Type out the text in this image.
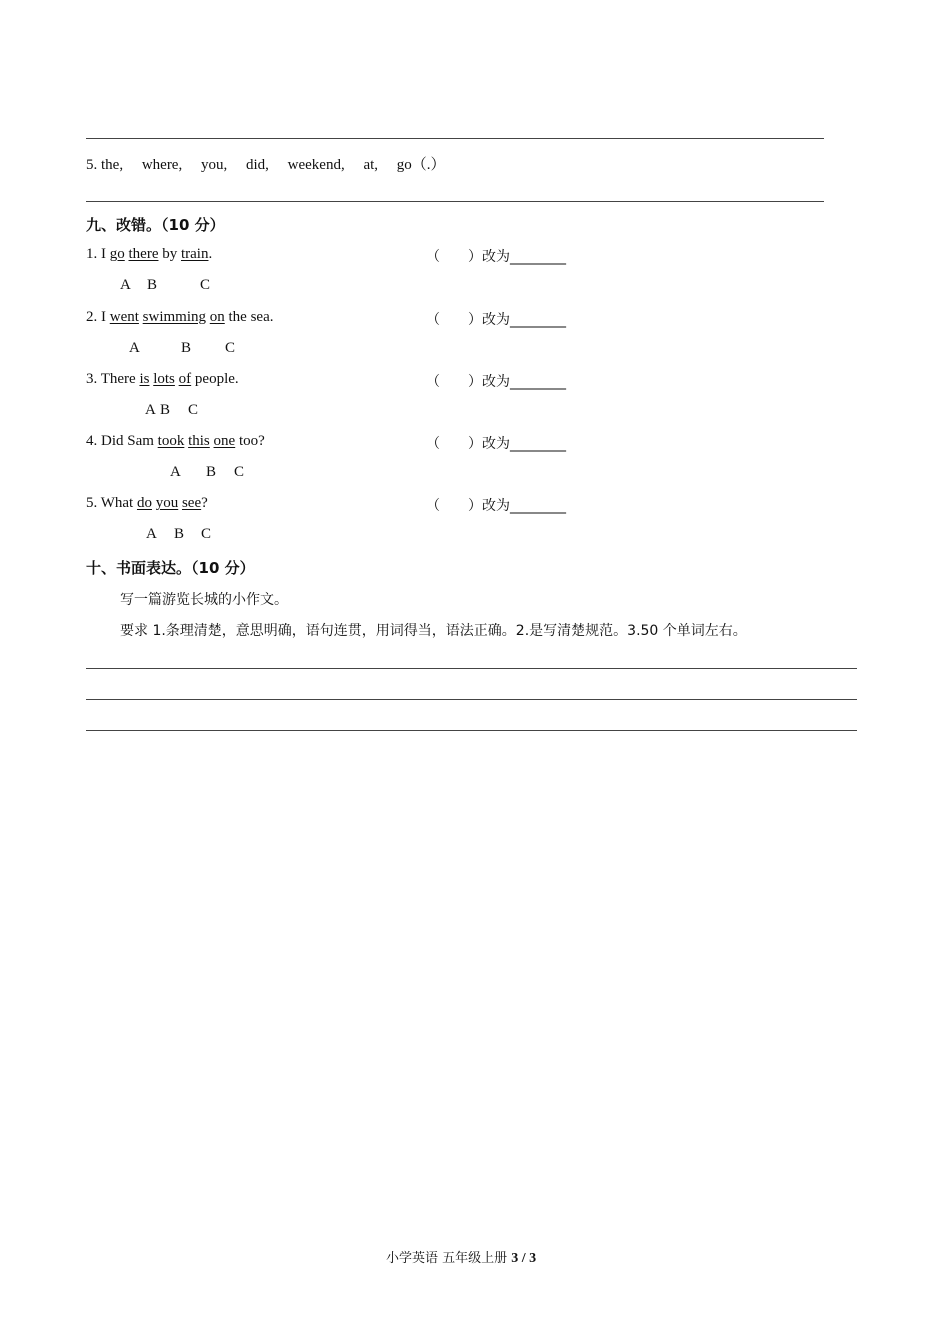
5. the,　 where,　 you,　 did,　 weekend,　 at,　 go（.）
九、改错。（10 分）
1. I go there by train.	（　　）改为________
A B	C
2. I went swimming on the sea.	（　　）改为________
A	B C
3. There is lots of people.	（　　）改为________
A B C
4. Did Sam took this one too?	（　　）改为________
A B C
5. What do you see?	（　　）改为________
A B C
十、书面表达。（10 分）
写一篇游览长城的小作文。
要求 1.条理清楚，意思明确，语句连贯，用词得当，语法正确。2.是写清楚规范。3.50 个单词左右。
小学英语 五年级上册 3 / 3
